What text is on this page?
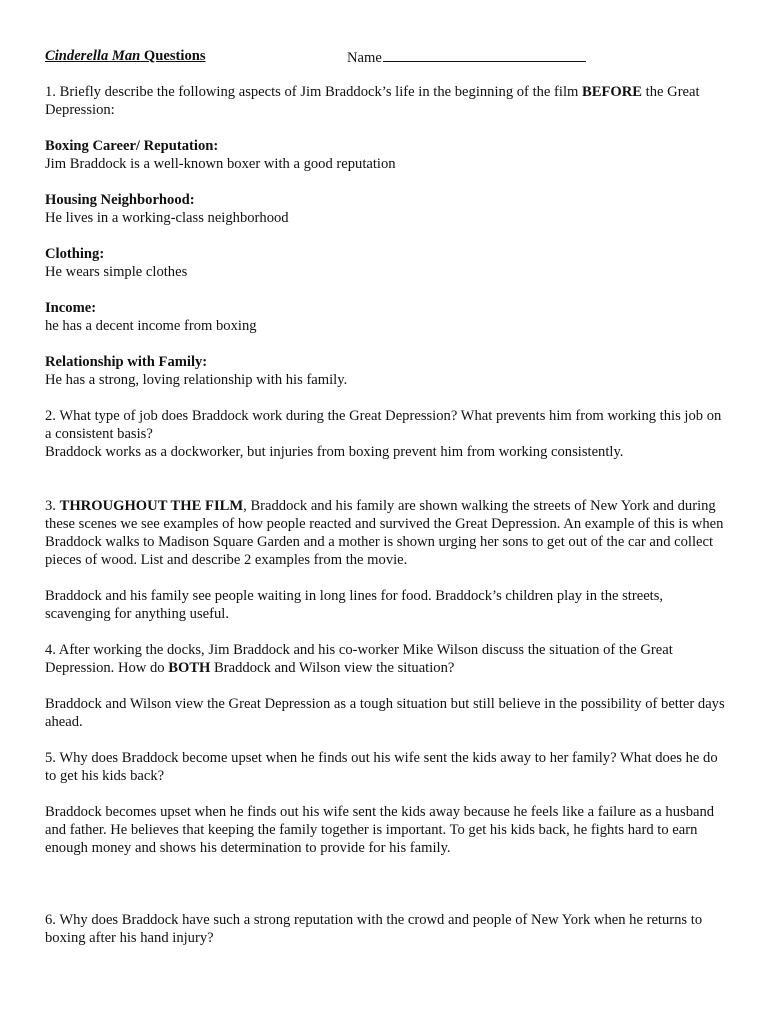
Cinderella Man Questions	Name

1. Briefly describe the following aspects of Jim Braddock’s life in the beginning of the film BEFORE the Great Depression:

Boxing Career/ Reputation:

Jim Braddock is a well-known boxer with a good reputation

Housing Neighborhood:

He lives in a working-class neighborhood

Clothing:

He wears simple clothes

Income:

he has a decent income from boxing

Relationship with Family:

He has a strong, loving relationship with his family.

2. What type of job does Braddock work during the Great Depression? What prevents him from working this job on a consistent basis?

Braddock works as a dockworker, but injuries from boxing prevent him from working consistently.

3. THROUGHOUT THE FILM, Braddock and his family are shown walking the streets of New York and during these scenes we see examples of how people reacted and survived the Great Depression. An example of this is when Braddock walks to Madison Square Garden and a mother is shown urging her sons to get out of the car and collect pieces of wood. List and describe 2 examples from the movie.

Braddock and his family see people waiting in long lines for food. Braddock’s children play in the streets, scavenging for anything useful.

4. After working the docks, Jim Braddock and his co-worker Mike Wilson discuss the situation of the Great Depression. How do BOTH Braddock and Wilson view the situation?

Braddock and Wilson view the Great Depression as a tough situation but still believe in the possibility of better days ahead.

5. Why does Braddock become upset when he finds out his wife sent the kids away to her family? What does he do to get his kids back?

Braddock becomes upset when he finds out his wife sent the kids away because he feels like a failure as a husband and father. He believes that keeping the family together is important. To get his kids back, he fights hard to earn enough money and shows his determination to provide for his family.

6. Why does Braddock have such a strong reputation with the crowd and people of New York when he returns to boxing after his hand injury?
